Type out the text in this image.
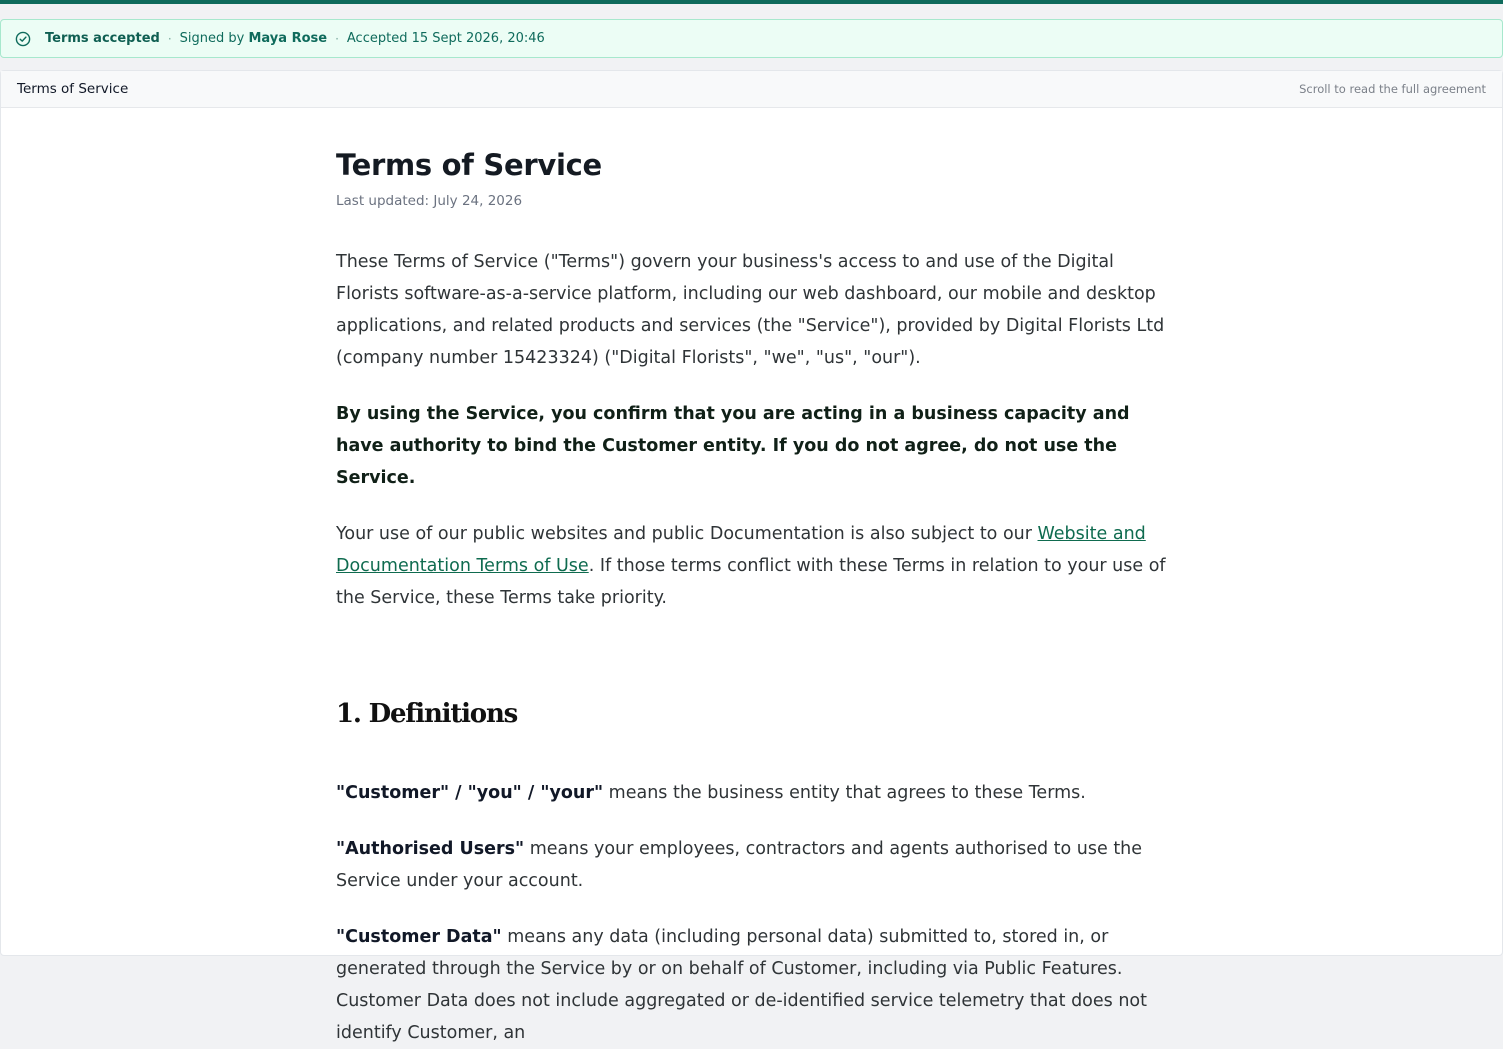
Terms accepted · Signed by
Maya Rose · Accepted 15 Sept 2026, 20:46
Terms of Service	Scroll to read the full agreement
Terms of Service
Last updated: July 24, 2026

These Terms of Service ("Terms") govern your business's access to and use of the Digital Florists software-as-a-service platform, including our web dashboard, our mobile and desktop applications, and related products and services (the "Service"), provided by Digital Florists Ltd (company number 15423324) ("Digital Florists", "we", "us", "our").

By using the Service, you confirm that you are acting in a business capacity and have authority to bind the Customer entity. If you do not agree, do not use the Service.

Your use of our public websites and public Documentation is also subject to our Website and Documentation Terms of Use. If those terms conflict with these Terms in relation to your use of the Service, these Terms take priority.

1. Definitions

"Customer" / "you" / "your" means the business entity that agrees to these Terms.

"Authorised Users" means your employees, contractors and agents authorised to use the Service under your account.

"Customer Data" means any data (including personal data) submitted to, stored in, or generated through the Service by or on behalf of Customer, including via Public Features. Customer Data does not include aggregated or de-identified service telemetry that does not identify Customer, an
